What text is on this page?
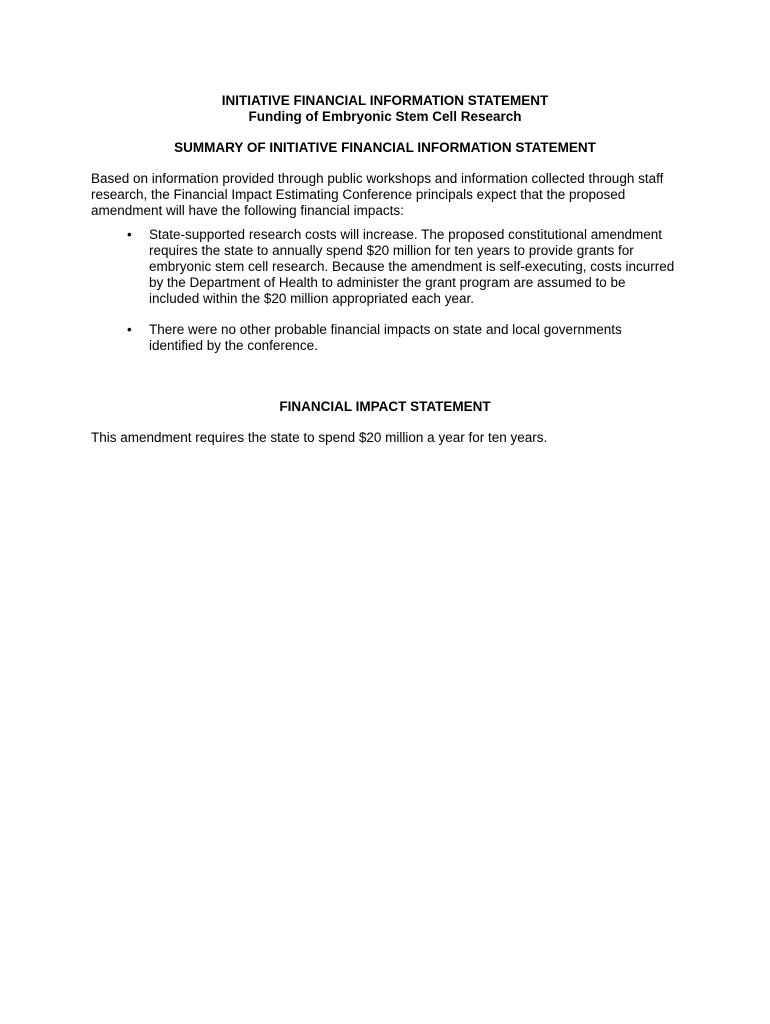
INITIATIVE FINANCIAL INFORMATION STATEMENT
Funding of Embryonic Stem Cell Research
SUMMARY OF INITIATIVE FINANCIAL INFORMATION STATEMENT

Based on information provided through public workshops and information collected through staff research, the Financial Impact Estimating Conference principals expect that the proposed amendment will have the following financial impacts:

• State-supported research costs will increase. The proposed constitutional amendment requires the state to annually spend $20 million for ten years to provide grants for embryonic stem cell research. Because the amendment is self-executing, costs incurred by the Department of Health to administer the grant program are assumed to be included within the $20 million appropriated each year.

• There were no other probable financial impacts on state and local governments identified by the conference.

FINANCIAL IMPACT STATEMENT

This amendment requires the state to spend $20 million a year for ten years.
